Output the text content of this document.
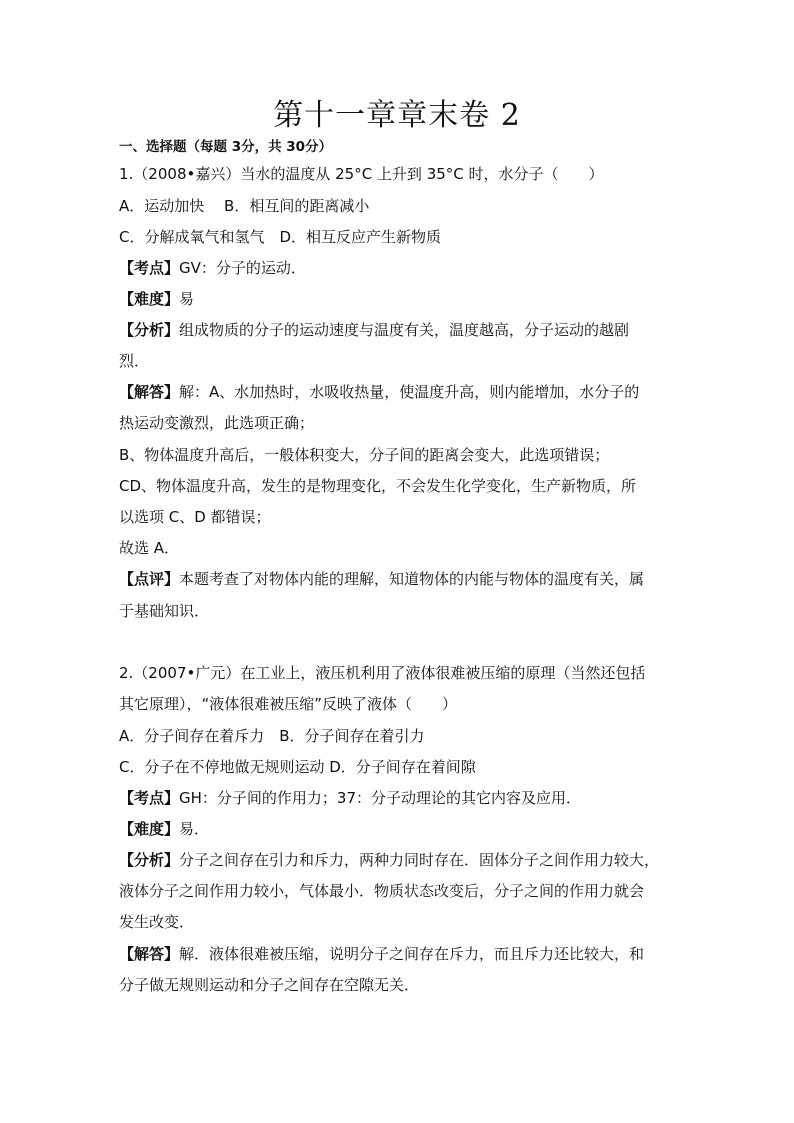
第十一章章末卷 2
一、选择题（每题 3分，共 30分）
1.（2008•嘉兴）当水的温度从 25°C 上升到 35°C 时，水分子（　　）
A．运动加快　 B．相互间的距离减小
C．分解成氧气和氢气　D．相互反应产生新物质
【考点】GV：分子的运动．
【难度】易
【分析】组成物质的分子的运动速度与温度有关，温度越高，分子运动的越剧
烈．
【解答】解：A、水加热时，水吸收热量，使温度升高，则内能增加，水分子的
热运动变激烈，此选项正确；
B、物体温度升高后，一般体积变大，分子间的距离会变大，此选项错误；
CD、物体温度升高，发生的是物理变化，不会发生化学变化，生产新物质，所
以选项 C、D 都错误；
故选 A．
【点评】本题考查了对物体内能的理解，知道物体的内能与物体的温度有关，属
于基础知识．
2.（2007•广元）在工业上，液压机利用了液体很难被压缩的原理（当然还包括
其它原理），“液体很难被压缩”反映了液体（　　）
A．分子间存在着斥力　B．分子间存在着引力
C．分子在不停地做无规则运动 D．分子间存在着间隙
【考点】GH：分子间的作用力；37：分子动理论的其它内容及应用．
【难度】易．
【分析】分子之间存在引力和斥力，两种力同时存在．固体分子之间作用力较大，
液体分子之间作用力较小，气体最小．物质状态改变后，分子之间的作用力就会
发生改变．
【解答】解．液体很难被压缩，说明分子之间存在斥力，而且斥力还比较大，和
分子做无规则运动和分子之间存在空隙无关．
